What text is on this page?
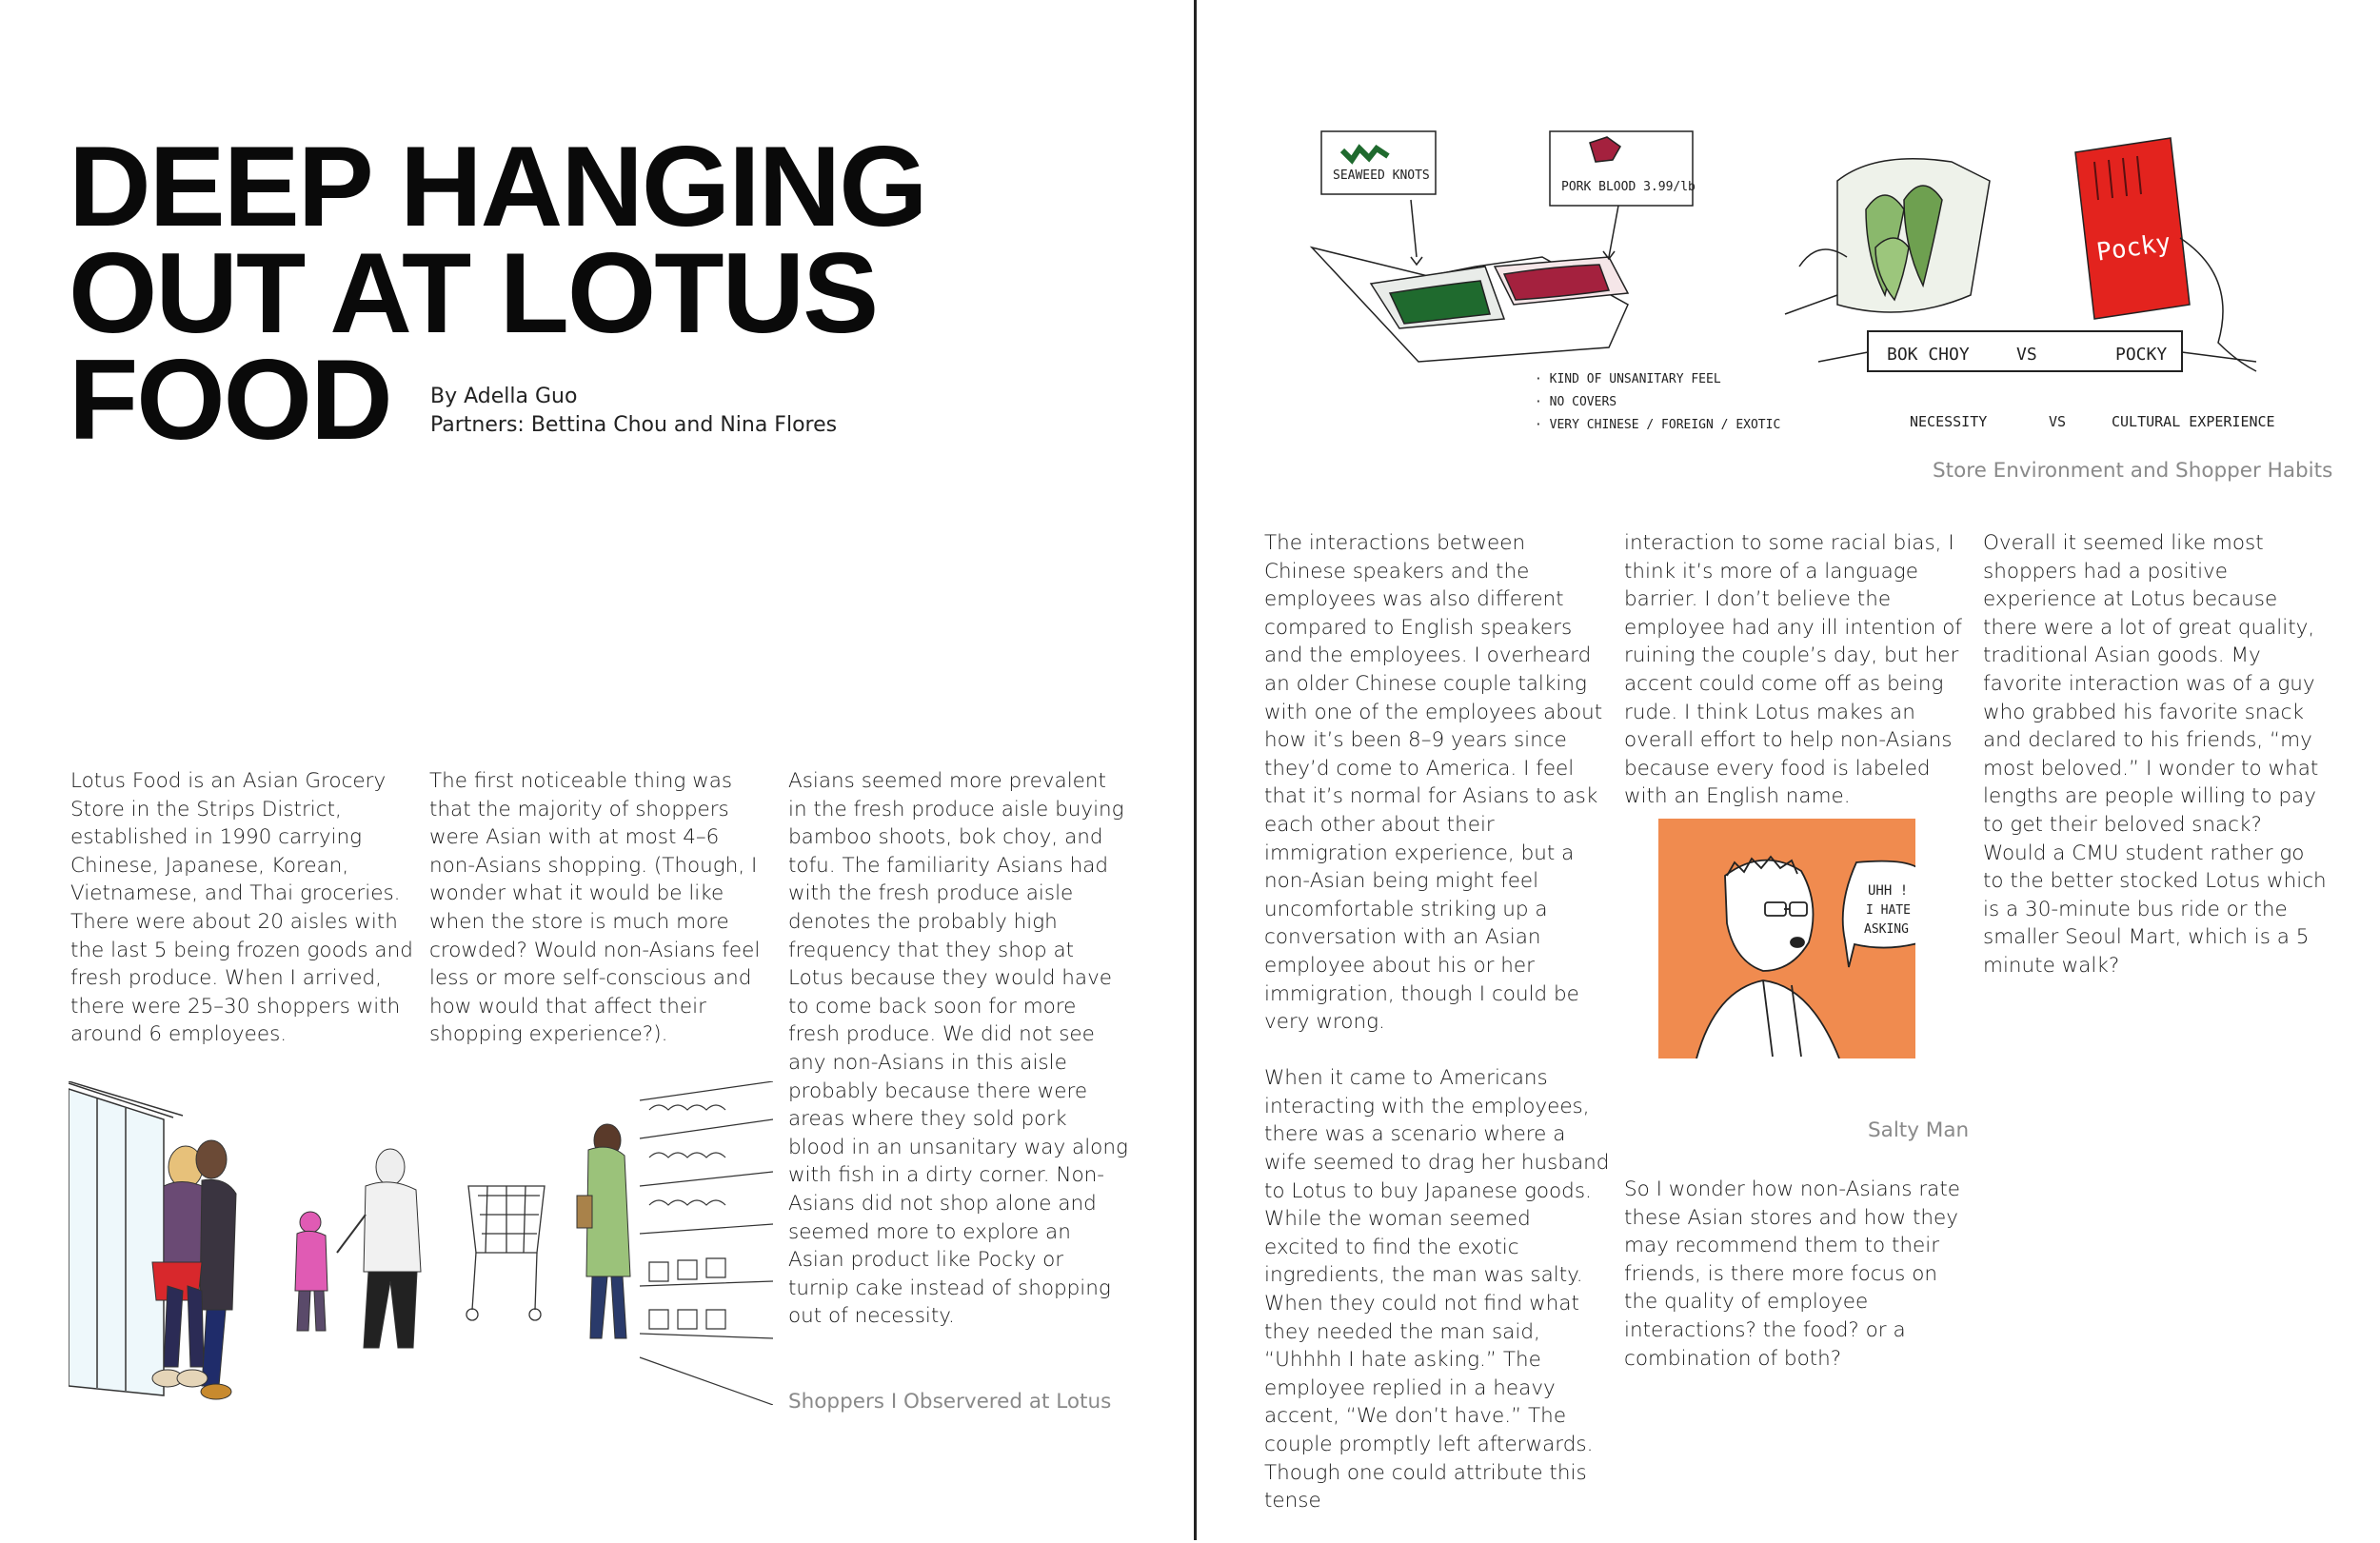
DEEP HANGING
OUT AT LOTUS
FOOD	By Adella Guo
Partners: Bettina Chou and Nina Flores

Lotus Food is an Asian Grocery Store in the Strips District, established in 1990 carrying Chinese, Japanese, Korean, Vietnamese, and Thai groceries. There were about 20 aisles with the last 5 being frozen goods and fresh produce. When I arrived, there were 25–30 shoppers with around 6 employees.

The first noticeable thing was that the majority of shoppers were Asian with at most 4–6 non-Asians shopping. (Though, I wonder what it would be like when the store is much more crowded? Would non-Asians feel less or more self-conscious and how would that affect their shopping experience?).

Asians seemed more prevalent in the fresh produce aisle buying bamboo shoots, bok choy, and tofu. The familiarity Asians had with the fresh produce aisle denotes the probably high frequency that they shop at Lotus because they would have to come back soon for more fresh produce. We did not see any non-Asians in this aisle probably because there were areas where they sold pork blood in an unsanitary way along with fish in a dirty corner. Non-Asians did not shop alone and seemed more to explore an Asian product like Pocky or turnip cake instead of shopping out of necessity.

Shoppers I Observered at Lotus
SEAWEED KNOTS
PORK BLOOD 3.99/lb
· KIND OF UNSANITARY FEEL
· NO COVERS
· VERY CHINESE / FOREIGN / EXOTIC
Pocky
BOK CHOY	VS	POCKY
NECESSITY	VS	CULTURAL EXPERIENCE
Store Environment and Shopper Habits

The interactions between Chinese speakers and the employees was also different compared to English speakers and the employees. I overheard an older Chinese couple talking with one of the employees about how it’s been 8–9 years since they’d come to America. I feel that it’s normal for Asians to ask each other about their immigration experience, but a non-Asian being might feel uncomfortable striking up a conversation with an Asian employee about his or her immigration, though I could be very wrong.

When it came to Americans interacting with the employees, there was a scenario where a wife seemed to drag her husband to Lotus to buy Japanese goods. While the woman seemed excited to find the exotic ingredients, the man was salty. When they could not find what they needed the man said, “Uhhhh I hate asking.” The employee replied in a heavy accent, “We don’t have.” The couple promptly left afterwards. Though one could attribute this tense

interaction to some racial bias, I think it’s more of a language barrier. I don’t believe the employee had any ill intention of ruining the couple’s day, but her accent could come off as being rude. I think Lotus makes an overall effort to help non-Asians because every food is labeled with an English name.

So I wonder how non-Asians rate these Asian stores and how they may recommend them to their friends, is there more focus on the quality of employee interactions? the food? or a combination of both?

Overall it seemed like most shoppers had a positive experience at Lotus because there were a lot of great quality, traditional Asian goods. My favorite interaction was of a guy who grabbed his favorite snack and declared to his friends, “my most beloved.” I wonder to what lengths are people willing to pay to get their beloved snack? Would a CMU student rather go to the better stocked Lotus which is a 30-minute bus ride or the smaller Seoul Mart, which is a 5 minute walk?

UHH !
I HATE
ASKING
Salty Man
